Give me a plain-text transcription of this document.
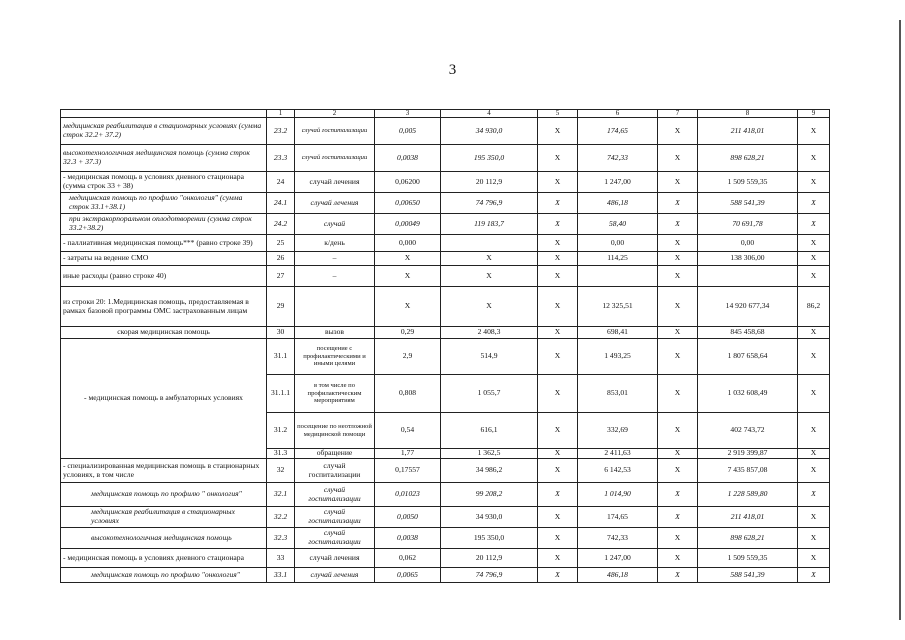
3
	1	2	3	4	5	6	7	8	9
медицинская реабилитация в стационарных условиях (сумма строк 32.2+ 37.2)	23.2	случай госпитализации	0,005	34 930,0	X	174,65	X	211 418,01	X
высокотехнологичная медицинская помощь (сумма строк 32.3 + 37.3)	23.3	случай госпитализации	0,0038	195 350,0	X	742,33	X	898 628,21	X
- медицинская помощь в условиях дневного стационара (сумма строк 33 + 38)	24	случай лечения	0,06200	20 112,9	X	1 247,00	X	1 509 559,35	X
медицинская помощь по профилю "онкология" (сумма строк 33.1+38.1)	24.1	случай лечения	0,00650	74 796,9	X	486,18	X	588 541,39	X
при экстракорпоральном оплодотворении (сумма строк 33.2+38.2)	24.2	случай	0,00049	119 183,7	X	58,40	X	70 691,78	X
- паллиативная медицинская помощь*** (равно строке 39)	25	к/день	0,000		X	0,00	X	0,00	X
- затраты на ведение СМО	26	–	X	X	X	114,25	X	138 306,00	X
иные расходы (равно строке 40)	27	–	X	X	X		X		X
из строки 20: 1.Медицинская помощь, предоставляемая в рамках базовой программы ОМС застрахованным лицам	29		X	X	X	12 325,51	X	14 920 677,34	86,2
скорая медицинская помощь	30	вызов	0,29	2 408,3	X	698,41	X	845 458,68	X
- медицинская помощь в амбулаторных условиях	31.1	посещение с профилактическими и иными целями	2,9	514,9	X	1 493,25	X	1 807 658,64	X
	31.1.1	в том числе по профилактическим мероприятиям	0,808	1 055,7	X	853,01	X	1 032 608,49	X
	31.2	посещение по неотложной медицинской помощи	0,54	616,1	X	332,69	X	402 743,72	X
	31.3	обращение	1,77	1 362,5	X	2 411,63	X	2 919 399,87	X
- специализированная медицинская помощь в стационарных условиях, в том числе	32	случай госпитализации	0,17557	34 986,2	X	6 142,53	X	7 435 857,08	X
медицинская помощь по профилю " онкология"	32.1	случай госпитализации	0,01023	99 208,2	X	1 014,90	X	1 228 589,80	X
медицинская реабилитация в стационарных условиях	32.2	случай госпитализации	0,0050	34 930,0	X	174,65	X	211 418,01	X
высокотехнологичная медицинская помощь	32.3	случай госпитализации	0,0038	195 350,0	X	742,33	X	898 628,21	X
- медицинская помощь в условиях дневного стационара	33	случай лечения	0,062	20 112,9	X	1 247,00	X	1 509 559,35	X
медицинская помощь по профилю "онкология"	33.1	случай лечения	0,0065	74 796,9	X	486,18	X	588 541,39	X
